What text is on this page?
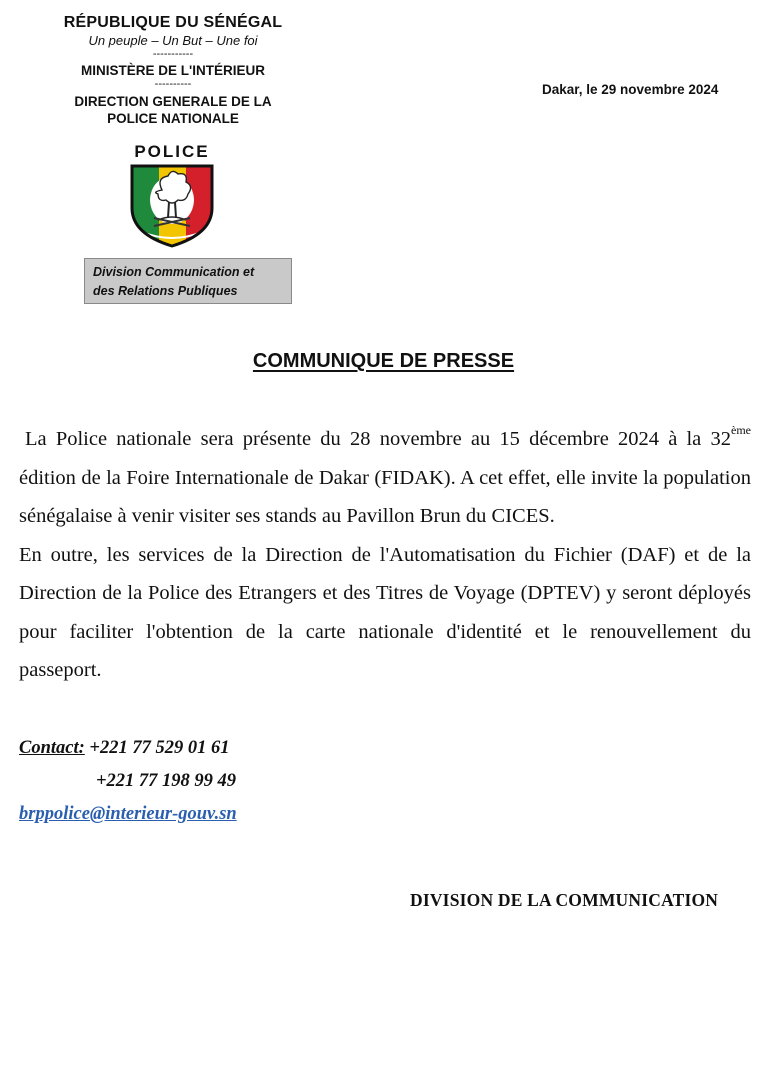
RÉPUBLIQUE DU SÉNÉGAL
Un peuple – Un But – Une foi
-----------
MINISTÈRE DE L'INTÉRIEUR
----------
DIRECTION GENERALE DE LA
POLICE NATIONALE
POLICE
Division Communication et
des Relations Publiques
Dakar, le 29 novembre 2024
COMMUNIQUE DE PRESSE

La Police nationale sera présente du 28 novembre au 15 décembre 2024 à la 32ème édition de la Foire Internationale de Dakar (FIDAK). A cet effet, elle invite la population sénégalaise à venir visiter ses stands au Pavillon Brun du CICES.

En outre, les services de la Direction de l'Automatisation du Fichier (DAF) et de la Direction de la Police des Etrangers et des Titres de Voyage (DPTEV) y seront déployés pour faciliter l'obtention de la carte nationale d'identité et le renouvellement du passeport.

Contact: +221 77 529 01 61
+221 77 198 99 49
brppolice@interieur-gouv.sn
DIVISION DE LA COMMUNICATION
